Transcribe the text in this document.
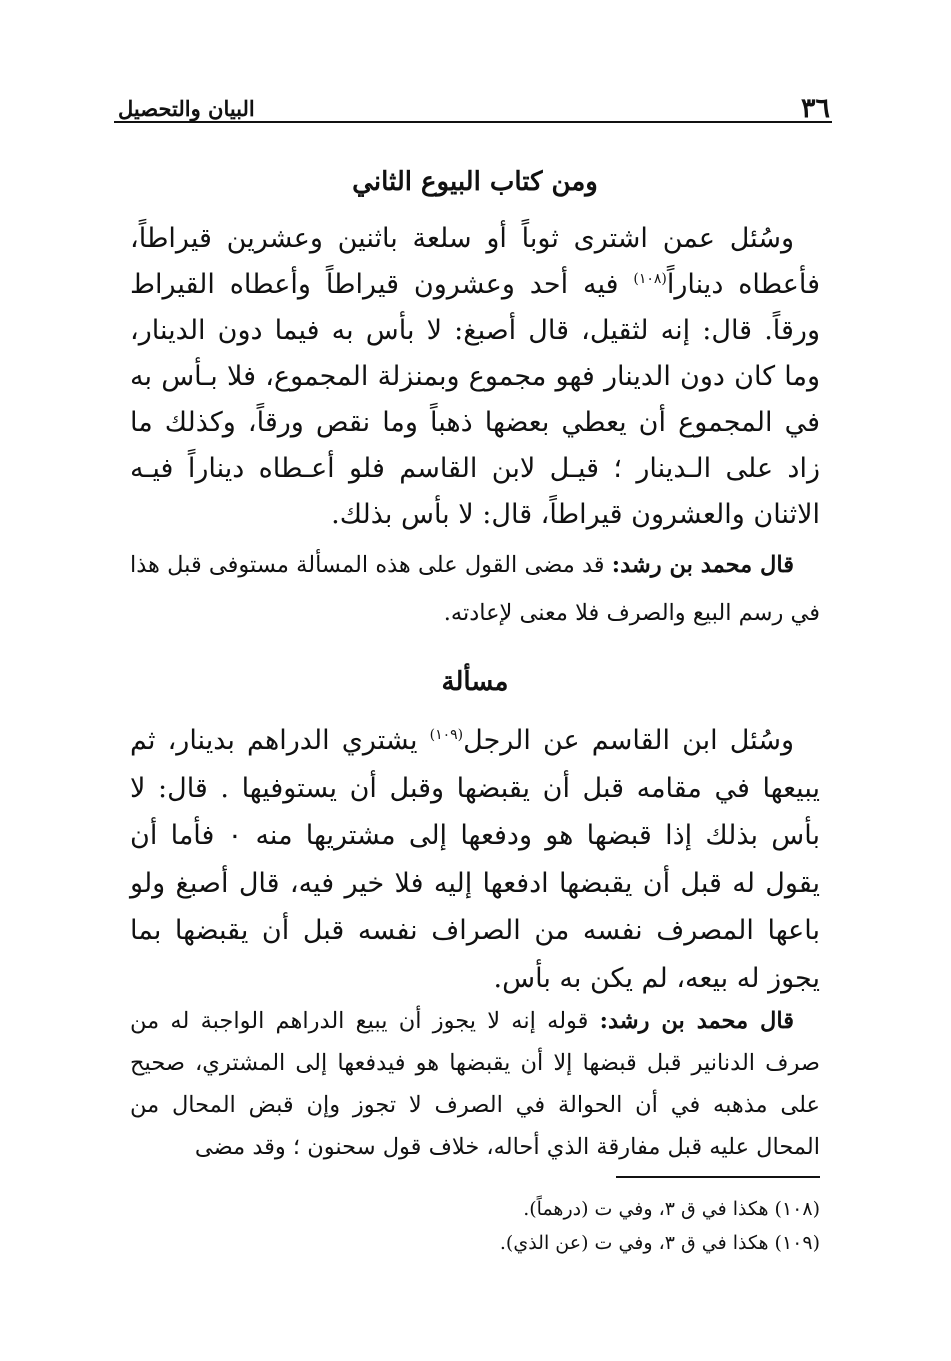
٣٦
البيان والتحصيل
ومن كتاب البيوع الثاني
وسُئل عمن اشترى ثوباً أو سلعة باثنين وعشرين قيراطاً، فأعطاه ديناراً$^{(١٠٨)}$ فيه أحد وعشرون قيراطاً وأعطاه القيراط ورقاً. قال: إنه لثقيل، قال أصبغ: لا بأس به فيما دون الدينار، وما كان دون الدينار فهو مجموع وبمنزلة المجموع، فلا بـأس به في المجموع أن يعطي بعضها ذهباً وما نقص ورقاً، وكذلك ما زاد على الـدينار ؛ قيـل لابن القاسم فلو أعـطاه ديناراً فيـه الاثنان والعشرون قيراطاً، قال: لا بأس بذلك.
قال محمد بن رشد: قد مضى القول على هذه المسألة مستوفى قبل هذا في رسم البيع والصرف فلا معنى لإعادته.
مسألة
وسُئل ابن القاسم عن الرجل$^{(١٠٩)}$ يشتري الدراهم بدينار، ثم يبيعها في مقامه قبل أن يقبضها وقبل أن يستوفيها . قال: لا بأس بذلك إذا قبضها هو ودفعها إلى مشتريها منه ٠ فأما أن يقول له قبل أن يقبضها ادفعها إليه فلا خير فيه، قال أصبغ ولو باعها المصرف نفسه من الصراف نفسه قبل أن يقبضها بما يجوز له بيعه، لم يكن به بأس.
قال محمد بن رشد: قوله إنه لا يجوز أن يبيع الدراهم الواجبة له من صرف الدنانير قبل قبضها إلا أن يقبضها هو فيدفعها إلى المشتري، صحيح على مذهبه في أن الحوالة في الصرف لا تجوز وإن قبض المحال من المحال عليه قبل مفارقة الذي أحاله، خلاف قول سحنون ؛ وقد مضى
(١٠٨) هكذا في ق ٣، وفي ت (درهماً).
(١٠٩) هكذا في ق ٣، وفي ت (عن الذي).
